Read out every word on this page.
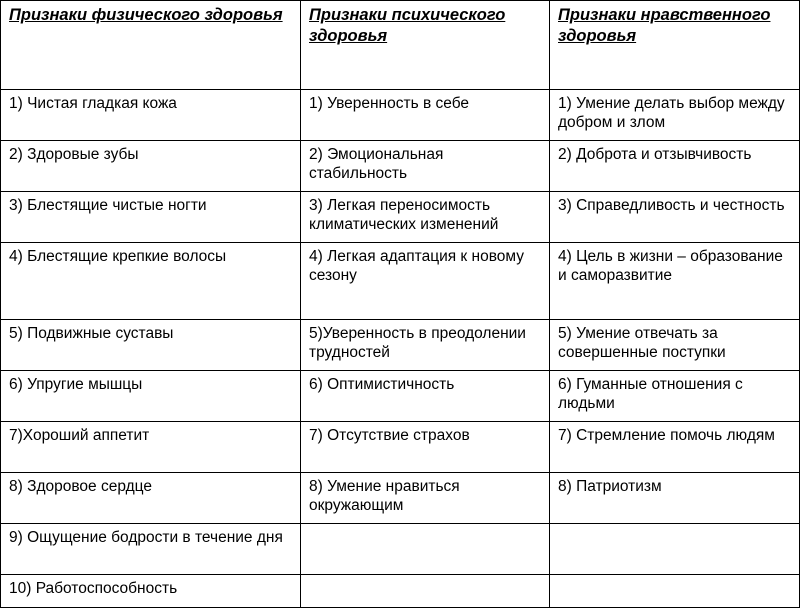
Признаки физического здоровья	Признаки психического здоровья	Признаки нравственного здоровья
1) Чистая гладкая кожа	1) Уверенность в себе	1) Умение делать выбор между добром и злом
2) Здоровые зубы	2) Эмоциональная стабильность	2) Доброта и отзывчивость
3) Блестящие чистые ногти	3) Легкая переносимость климатических изменений	3) Справедливость и честность
4) Блестящие крепкие волосы	4) Легкая адаптация к новому сезону	4) Цель в жизни – образование и саморазвитие
5) Подвижные суставы	5)Уверенность в преодолении трудностей	5) Умение отвечать за совершенные поступки
6) Упругие мышцы	6) Оптимистичность	6) Гуманные отношения с людьми
7)Хороший аппетит	7) Отсутствие страхов	7) Стремление помочь людям
8) Здоровое сердце	8) Умение нравиться окружающим	8) Патриотизм
9) Ощущение бодрости в течение дня		
10) Работоспособность		
